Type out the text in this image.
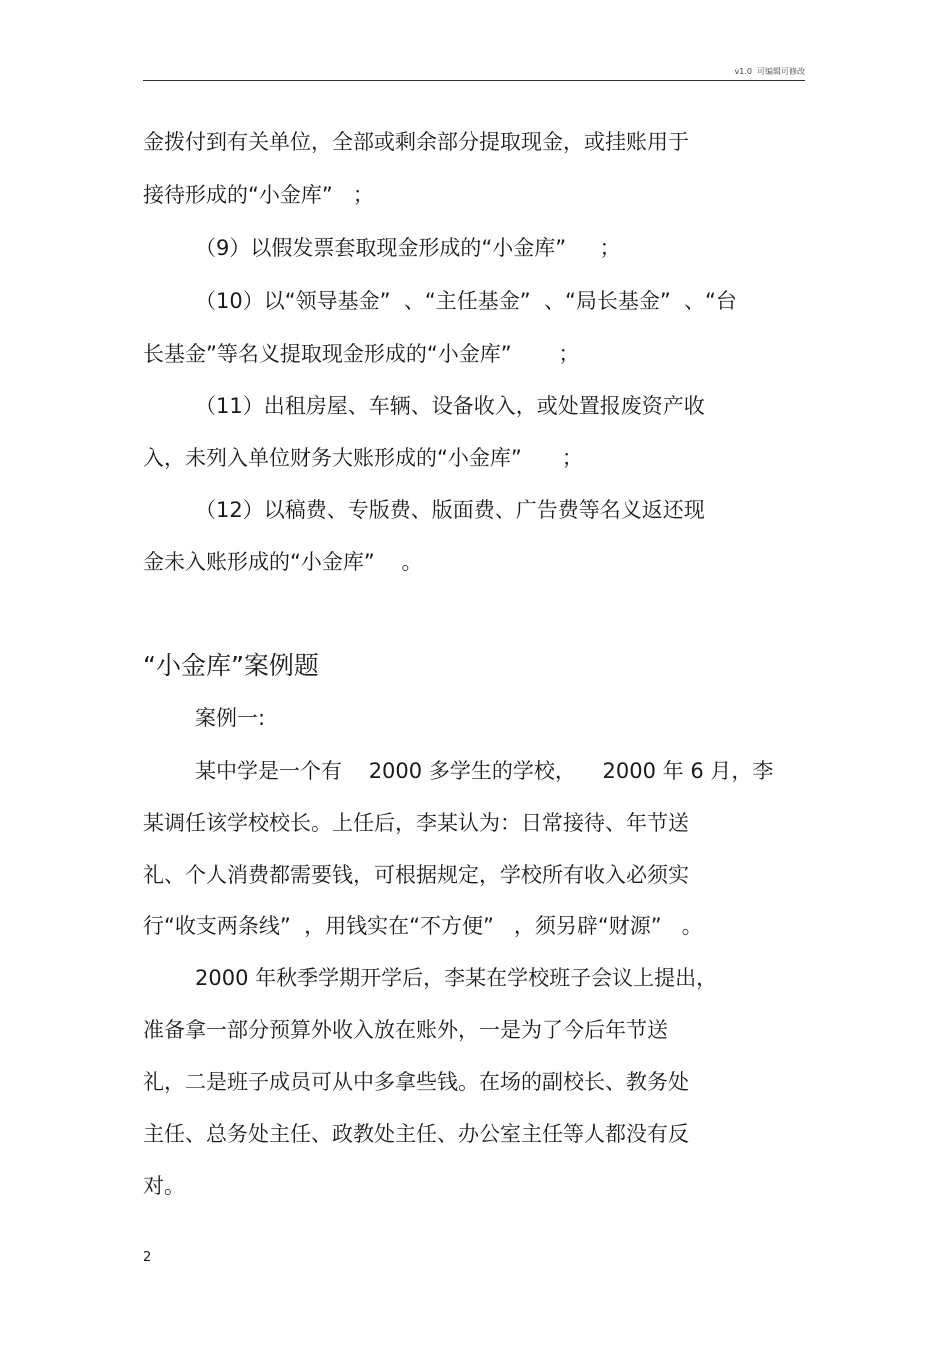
v1.0  可编辑可修改
金拨付到有关单位，全部或剩余部分提取现金，或挂账用于
接待形成的“小金库”   ；
（9）以假发票套取现金形成的“小金库”     ；
（10）以“领导基金”  、“主任基金”  、“局长基金”  、“台
长基金”等名义提取现金形成的“小金库”       ；
（11）出租房屋、车辆、设备收入，或处置报废资产收
入，未列入单位财务大账形成的“小金库”      ；
（12）以稿费、专版费、版面费、广告费等名义返还现
金未入账形成的“小金库”    。
“小金库”案例题
案例一:
某中学是一个有    2000 多学生的学校，    2000 年 6 月，李
某调任该学校校长。上任后，李某认为：日常接待、年节送
礼、个人消费都需要钱，可根据规定，学校所有收入必须实
行“收支两条线”  ，用钱实在“不方便”   ，须另辟“财源”   。
2000 年秋季学期开学后，李某在学校班子会议上提出，
准备拿一部分预算外收入放在账外，一是为了今后年节送
礼，二是班子成员可从中多拿些钱。在场的副校长、教务处
主任、总务处主任、政教处主任、办公室主任等人都没有反
对。
2
